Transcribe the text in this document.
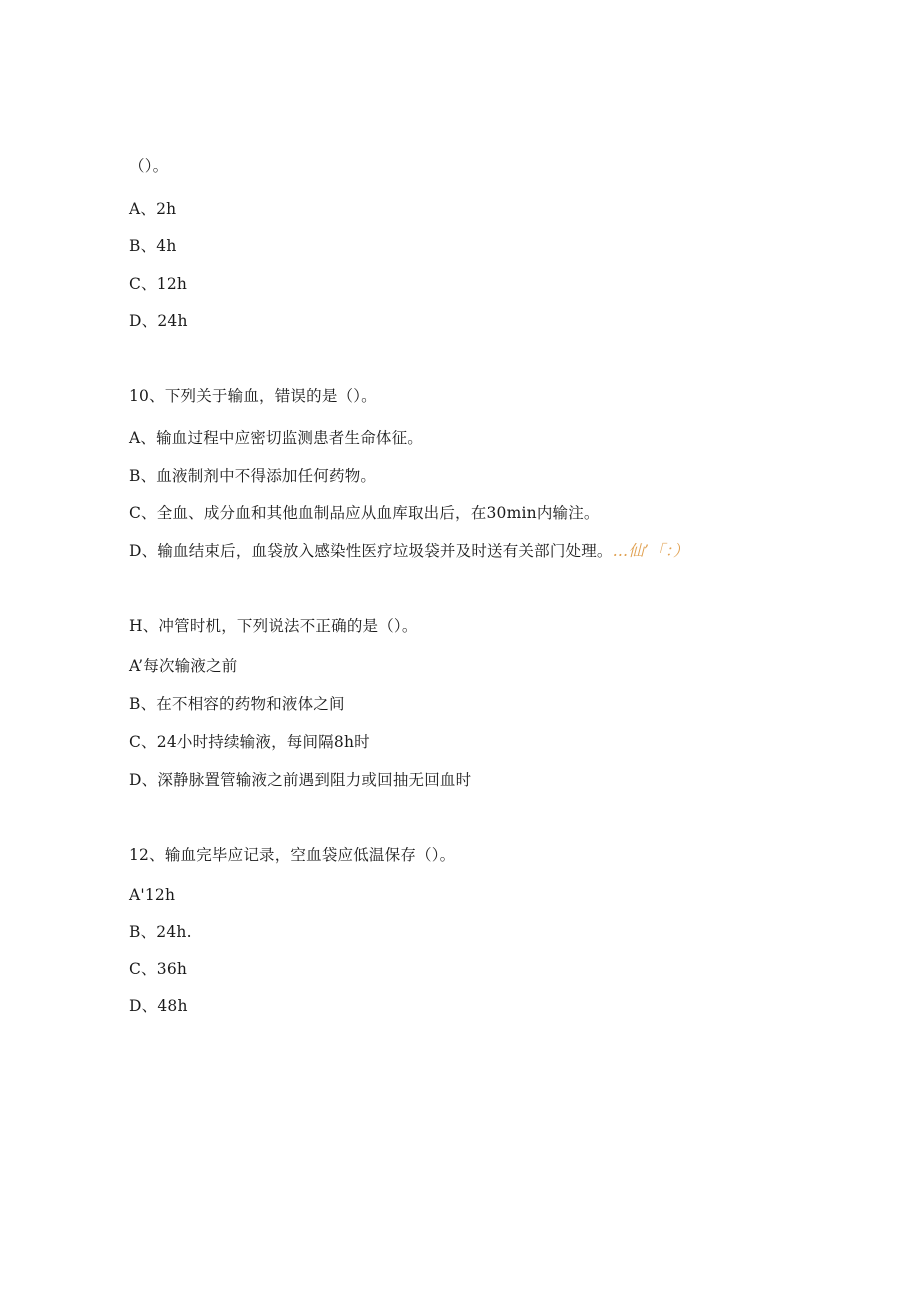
（）。
A、2h
B、4h
C、12h
D、24h
10、下列关于输血，错误的是（）。
A、输血过程中应密切监测患者生命体征。
B、血液制剂中不得添加任何药物。
C、全血、成分血和其他血制品应从血库取出后，在30min内输注。
D、输血结束后，血袋放入感染性医疗垃圾袋并及时送有关部门处理。…仙’「：）
H、冲管时机，下列说法不正确的是（）。
A’每次输液之前
B、在不相容的药物和液体之间
C、24小时持续输液，每间隔8h时
D、深静脉置管输液之前遇到阻力或回抽无回血时
12、输血完毕应记录，空血袋应低温保存（）。
A'12h
B、24h.
C、36h
D、48h
